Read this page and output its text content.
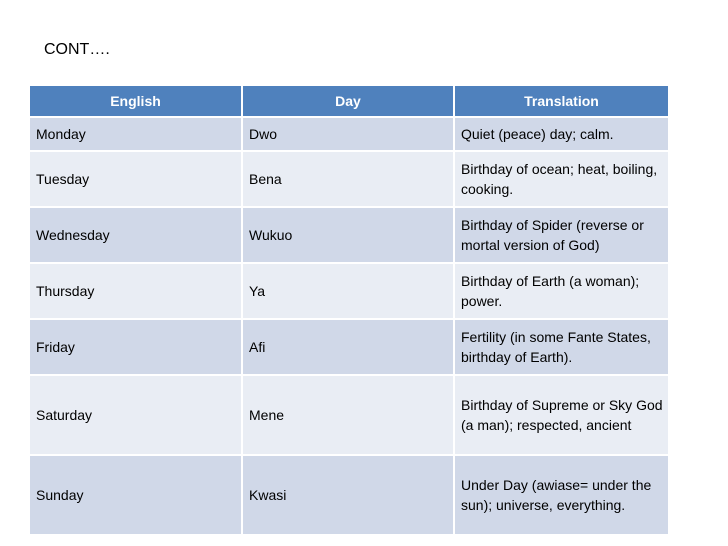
CONT….
English	Day	Translation
Monday	Dwo	Quiet (peace) day; calm.
Tuesday	Bena	Birthday of ocean; heat, boiling, cooking.
Wednesday	Wukuo	Birthday of Spider (reverse or mortal version of God)

Thursday	Ya	Birthday of Earth (a woman); power.
Friday	Afi	Fertility (in some Fante States, birthday of Earth).
Saturday	Mene	Birthday of Supreme or Sky God (a man); respected, ancient
Sunday	Kwasi	Under Day (awiase= under the sun); universe, everything.
